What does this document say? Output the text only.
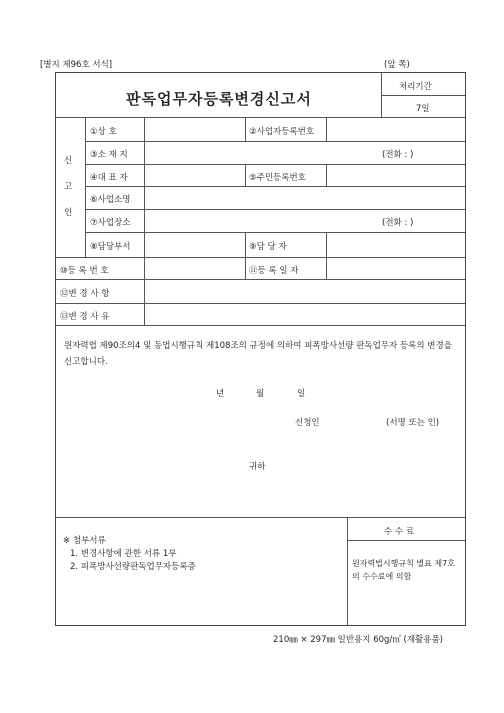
[별지 제96호 서식]	(앞 쪽)
판독업무자등록변경신고서
처리기간
7일
신

고

인
①상 호	②사업자등록번호
③소 재 지	(전화 : )
④대 표 자	⑤주민등록번호
⑥사업소명
⑦사업장소	(전화 : )
⑧담당부서	⑨담 당 자
⑩등 록 번 호	⑪등 록 일 자
⑫변 경 사 항
⑬변 경 사 유
원자력법 제90조의4 및 동법시행규칙 제108조의 규정에 의하여 피폭방사선량 판독업무자 등록의 변경을 신고합니다.
년	월	일
신청인	(서명 또는 인)
귀하
※ 첨부서류
1. 변경사항에 관한 서류 1부
2. 피폭방사선량판독업무자등록증
수 수 료
원자력법시행규칙 별표 제7호의 수수료에 의함
210㎜ × 297㎜ 일반용지 60g/㎡ (재활용품)
